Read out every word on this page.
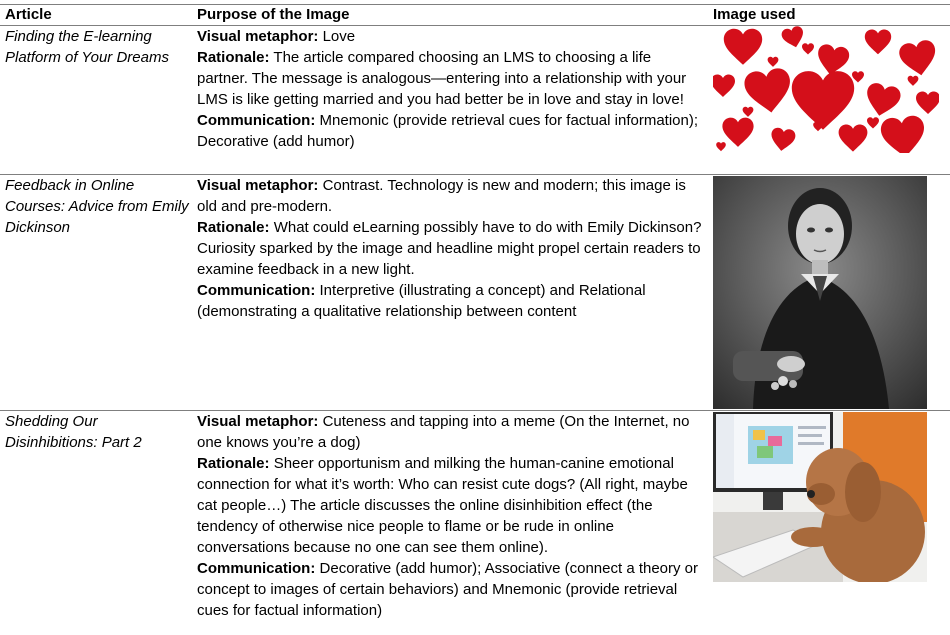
Article	Purpose of the Image	Image used
Finding the E-learning Platform of Your Dreams

Visual metaphor: Love

Rationale: The article compared choosing an LMS to choosing a life partner. The message is analogous—entering into a relationship with your LMS is like getting married and you had better be in love and stay in love!

Communication: Mnemonic (provide retrieval cues for factual information); Decorative (add humor)

Feedback in Online Courses: Advice from Emily Dickinson

Visual metaphor: Contrast. Technology is new and modern; this image is old and pre-modern.

Rationale: What could eLearning possibly have to do with Emily Dickinson? Curiosity sparked by the image and headline might propel certain readers to examine feedback in a new light.

Communication: Interpretive (illustrating a concept) and Relational (demonstrating a qualitative relationship between content

Shedding Our Disinhibitions: Part 2

Visual metaphor: Cuteness and tapping into a meme (On the Internet, no one knows you’re a dog)

Rationale: Sheer opportunism and milking the human-canine emotional connection for what it’s worth: Who can resist cute dogs? (All right, maybe cat people…) The article discusses the online disinhibition effect (the tendency of otherwise nice people to flame or be rude in online conversations because no one can see them online).

Communication: Decorative (add humor); Associative (connect a theory or concept to images of certain behaviors) and Mnemonic (provide retrieval cues for factual information)
